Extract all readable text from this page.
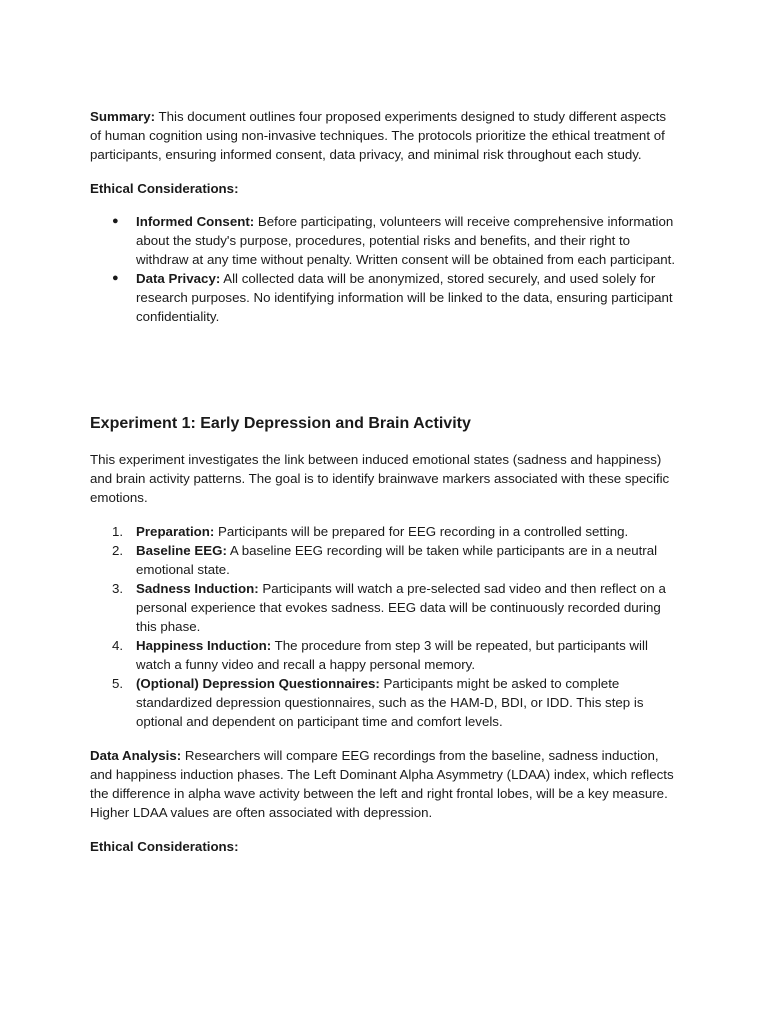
Summary: This document outlines four proposed experiments designed to study different aspects of human cognition using non-invasive techniques. The protocols prioritize the ethical treatment of participants, ensuring informed consent, data privacy, and minimal risk throughout each study.

Ethical Considerations:

● Informed Consent: Before participating, volunteers will receive comprehensive information about the study's purpose, procedures, potential risks and benefits, and their right to withdraw at any time without penalty. Written consent will be obtained from each participant.
● Data Privacy: All collected data will be anonymized, stored securely, and used solely for research purposes. No identifying information will be linked to the data, ensuring participant confidentiality.
Experiment 1: Early Depression and Brain Activity

This experiment investigates the link between induced emotional states (sadness and happiness) and brain activity patterns. The goal is to identify brainwave markers associated with these specific emotions.

1. Preparation: Participants will be prepared for EEG recording in a controlled setting.
2. Baseline EEG: A baseline EEG recording will be taken while participants are in a neutral emotional state.
3. Sadness Induction: Participants will watch a pre-selected sad video and then reflect on a personal experience that evokes sadness. EEG data will be continuously recorded during this phase.
4. Happiness Induction: The procedure from step 3 will be repeated, but participants will watch a funny video and recall a happy personal memory.
5. (Optional) Depression Questionnaires: Participants might be asked to complete standardized depression questionnaires, such as the HAM-D, BDI, or IDD. This step is optional and dependent on participant time and comfort levels.

Data Analysis: Researchers will compare EEG recordings from the baseline, sadness induction, and happiness induction phases. The Left Dominant Alpha Asymmetry (LDAA) index, which reflects the difference in alpha wave activity between the left and right frontal lobes, will be a key measure. Higher LDAA values are often associated with depression.

Ethical Considerations:
